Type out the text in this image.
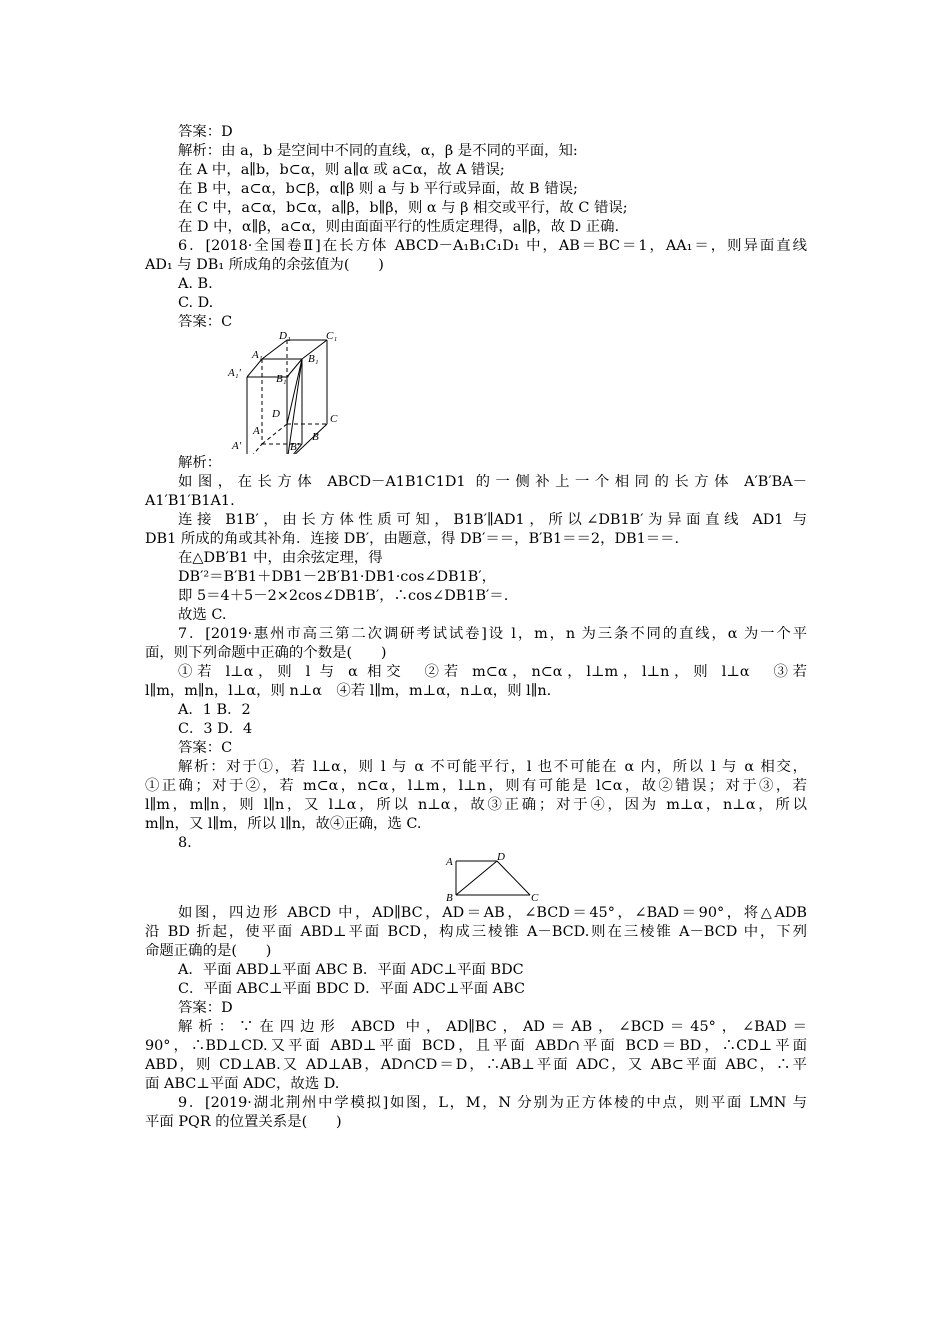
答案：D
解析：由 a，b 是空间中不同的直线，α，β 是不同的平面，知:
在 A 中，a∥b，b⊂α，则 a∥α 或 a⊂α，故 A 错误;
在 B 中，a⊂α，b⊂β，α∥β 则 a 与 b 平行或异面，故 B 错误;
在 C 中，a⊂α，b⊂α，a∥β，b∥β，则 α 与 β 相交或平行，故 C 错误;
在 D 中，α∥β，a⊂α，则由面面平行的性质定理得，a∥β，故 D 正确.
6．[2018·全国卷Ⅱ]在长方体 ABCD－A₁B₁C₁D₁ 中，AB＝BC＝1，AA₁＝，则异面直线
AD₁ 与 DB₁ 所成角的余弦值为(　　)
A. B.
C. D.
答案：C
D₁	C₁
A₁	B₁
A₁′	B₁′
D	C
A	B
A′	B′
解析：
如图，在长方体 ABCD－A1B1C1D1 的一侧补上一个相同的长方体 A′B′BA－
A1′B1′B1A1.
连接 B1B′，由长方体性质可知，B1B′∥AD1，所以∠DB1B′为异面直线 AD1 与
DB1 所成的角或其补角．连接 DB′，由题意，得 DB′＝＝，B′B1＝＝2，DB1＝＝.
在△DB′B1 中，由余弦定理，得
DB′²＝B′B1＋DB1－2B′B1·DB1·cos∠DB1B′，
即 5＝4＋5－2×2cos∠DB1B′，∴cos∠DB1B′＝.
故选 C.
7．[2019·惠州市高三第二次调研考试试卷]设 l，m，n 为三条不同的直线，α 为一个平
面，则下列命题中正确的个数是(　　)
①若 l⊥α，则 l 与 α 相交　②若 m⊂α，n⊂α，l⊥m，l⊥n，则 l⊥α　③若
l∥m，m∥n，l⊥α，则 n⊥α　④若 l∥m，m⊥α，n⊥α，则 l∥n.
A．1 B．2
C．3 D．4
答案：C
解析：对于①，若 l⊥α，则 l 与 α 不可能平行，l 也不可能在 α 内，所以 l 与 α 相交，
①正确；对于②，若 m⊂α，n⊂α，l⊥m，l⊥n，则有可能是 l⊂α，故②错误；对于③，若
l∥m，m∥n，则 l∥n，又 l⊥α，所以 n⊥α，故③正确；对于④，因为 m⊥α，n⊥α，所以
m∥n，又 l∥m，所以 l∥n，故④正确，选 C.
8.
A	D
B	C
如图，四边形 ABCD 中，AD∥BC，AD＝AB，∠BCD＝45°，∠BAD＝90°，将△ADB
沿 BD 折起，使平面 ABD⊥平面 BCD，构成三棱锥 A－BCD.则在三棱锥 A－BCD 中，下列
命题正确的是(　　)
A．平面 ABD⊥平面 ABC B．平面 ADC⊥平面 BDC
C．平面 ABC⊥平面 BDC D．平面 ADC⊥平面 ABC
答案：D
解析：∵在四边形 ABCD 中，AD∥BC，AD＝AB，∠BCD＝45°，∠BAD＝
90°，∴BD⊥CD.又平面 ABD⊥平面 BCD，且平面 ABD∩平面 BCD＝BD，∴CD⊥平面
ABD，则 CD⊥AB.又 AD⊥AB，AD∩CD＝D，∴AB⊥平面 ADC，又 AB⊂平面 ABC，∴平
面 ABC⊥平面 ADC，故选 D.
9．[2019·湖北荆州中学模拟]如图，L，M，N 分别为正方体棱的中点，则平面 LMN 与
平面 PQR 的位置关系是(　　)
